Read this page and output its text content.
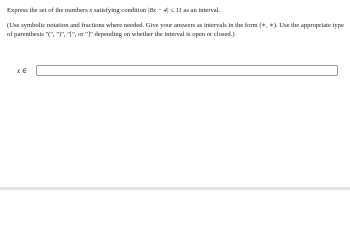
Express the set of the numbers x satisfying condition |8x − 4| ≤ 11 as an interval.
(Use symbolic notation and fractions where needed. Give your answers as intervals in the form (∗, ∗). Use the appropriate type
of parenthesis "(", ")", "[", or "]" depending on whether the interval is open or closed.)
x ∈
